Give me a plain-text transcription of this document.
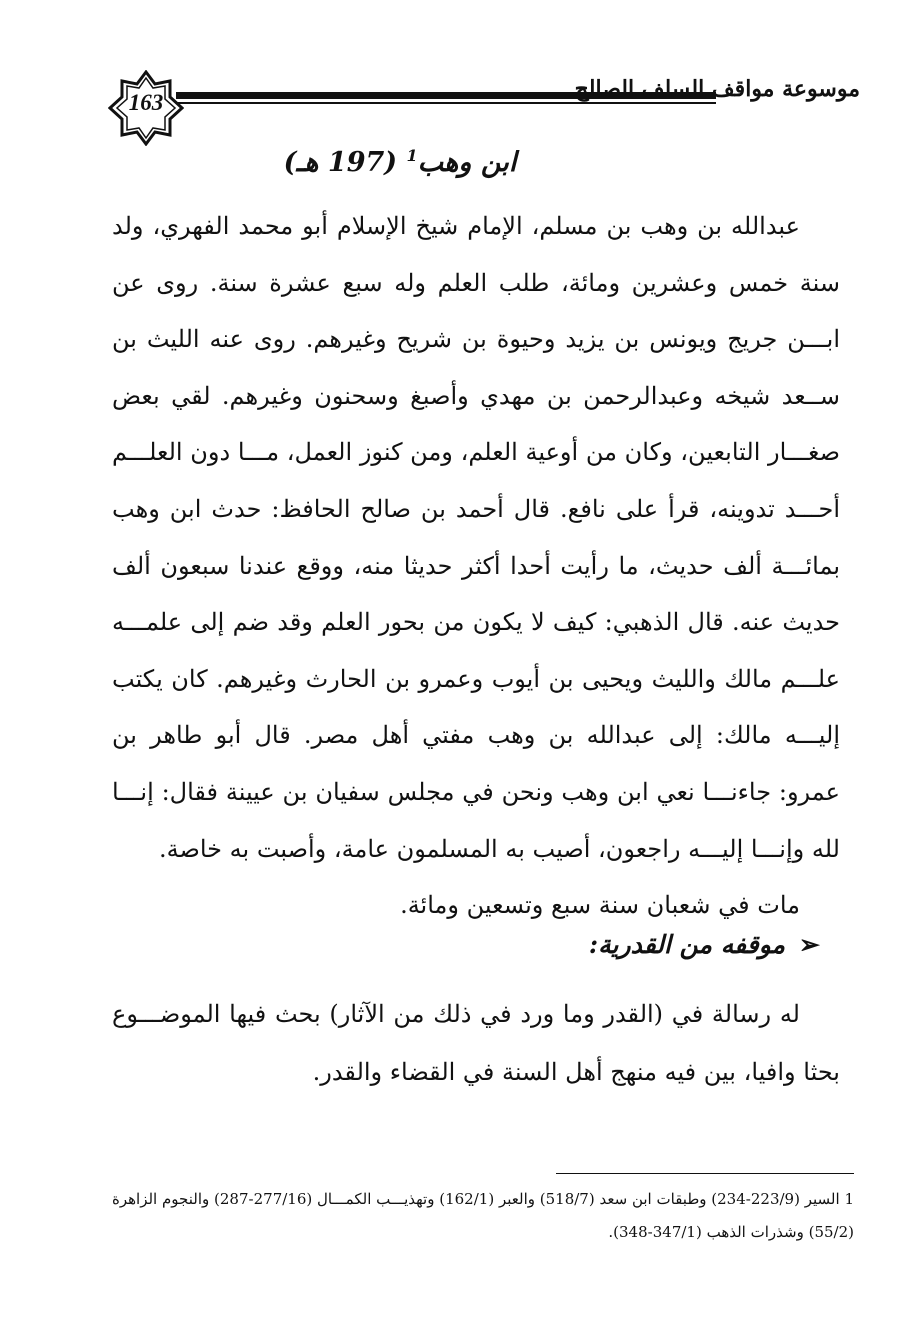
163
موسوعة مواقف السلف الصالح
ابن وهب$^1$ (197 هـ)

عبدالله بن وهب بن مسلم، الإمام شيخ الإسلام أبو محمد الفهري، ولد سنة خمس وعشرين ومائة، طلب العلم وله سبع عشرة سنة. روى عن ابـــن جريج ويونس بن يزيد وحيوة بن شريح وغيرهم. روى عنه الليث بن ســعد شيخه وعبدالرحمن بن مهدي وأصبغ وسحنون وغيرهم. لقي بعض صغـــار التابعين، وكان من أوعية العلم، ومن كنوز العمل، مـــا دون العلـــم أحـــد تدوينه، قرأ على نافع. قال أحمد بن صالح الحافظ: حدث ابن وهب بمائـــة ألف حديث، ما رأيت أحدا أكثر حديثا منه، ووقع عندنا سبعون ألف حديث عنه. قال الذهبي: كيف لا يكون من بحور العلم وقد ضم إلى علمـــه علـــم مالك والليث ويحيى بن أيوب وعمرو بن الحارث وغيرهم. كان يكتب إليـــه مالك: إلى عبدالله بن وهب مفتي أهل مصر. قال أبو طاهر بن عمرو: جاءنـــا نعي ابن وهب ونحن في مجلس سفيان بن عيينة فقال: إنـــا لله وإنـــا إليـــه راجعون، أصيب به المسلمون عامة، وأصبت به خاصة.

مات في شعبان سنة سبع وتسعين ومائة.

➢موقفه من القدرية:

له رسالة في (القدر وما ورد في ذلك من الآثار) بحث فيها الموضـــوع بحثا وافيا، بين فيه منهج أهل السنة في القضاء والقدر.

1 السير (223/9-234) وطبقات ابن سعد (518/7) والعبر (162/1) وتهذيـــب الكمـــال (277/16-287) والنجوم الزاهرة (55/2) وشذرات الذهب (347/1-348).
